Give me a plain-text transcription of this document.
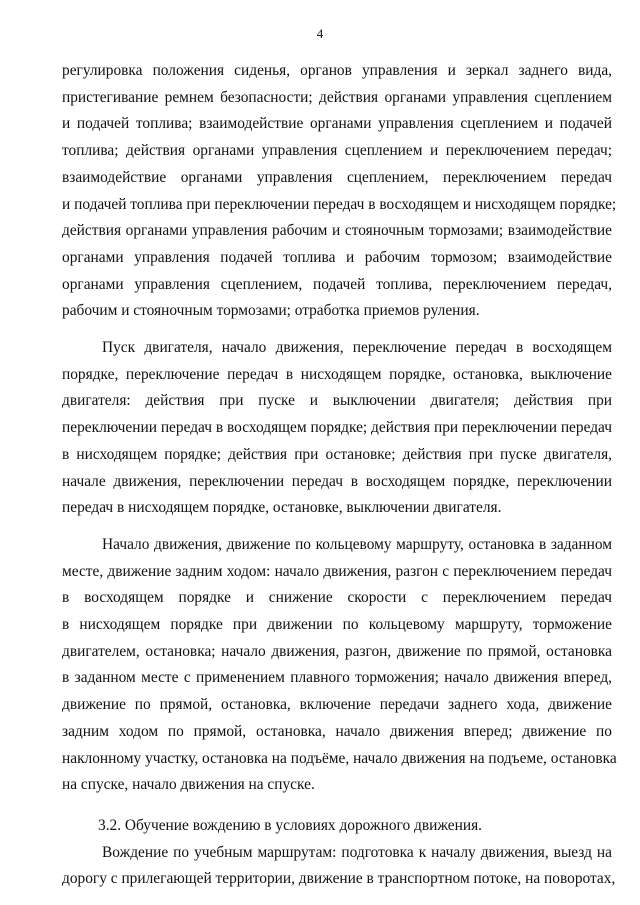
4
регулировка положения сиденья, органов управления и зеркал заднего вида,
пристегивание ремнем безопасности; действия органами управления сцеплением
и подачей топлива; взаимодействие органами управления сцеплением и подачей
топлива; действия органами управления сцеплением и переключением передач;
взаимодействие органами управления сцеплением, переключением передач
и подачей топлива при переключении передач в восходящем и нисходящем порядке;
действия органами управления рабочим и стояночным тормозами; взаимодействие
органами управления подачей топлива и рабочим тормозом; взаимодействие
органами управления сцеплением, подачей топлива, переключением передач,
рабочим и стояночным тормозами; отработка приемов руления.
Пуск двигателя, начало движения, переключение передач в восходящем
порядке, переключение передач в нисходящем порядке, остановка, выключение
двигателя: действия при пуске и выключении двигателя; действия при
переключении передач в восходящем порядке; действия при переключении передач
в нисходящем порядке; действия при остановке; действия при пуске двигателя,
начале движения, переключении передач в восходящем порядке, переключении
передач в нисходящем порядке, остановке, выключении двигателя.
Начало движения, движение по кольцевому маршруту, остановка в заданном
месте, движение задним ходом: начало движения, разгон с переключением передач
в восходящем порядке и снижение скорости с переключением передач
в нисходящем порядке при движении по кольцевому маршруту, торможение
двигателем, остановка; начало движения, разгон, движение по прямой, остановка
в заданном месте с применением плавного торможения; начало движения вперед,
движение по прямой, остановка, включение передачи заднего хода, движение
задним ходом по прямой, остановка, начало движения вперед; движение по
наклонному участку, остановка на подъёме, начало движения на подъеме, остановка
на спуске, начало движения на спуске.
3.2. Обучение вождению в условиях дорожного движения.
Вождение по учебным маршрутам: подготовка к началу движения, выезд на
дорогу с прилегающей территории, движение в транспортном потоке, на поворотах,
